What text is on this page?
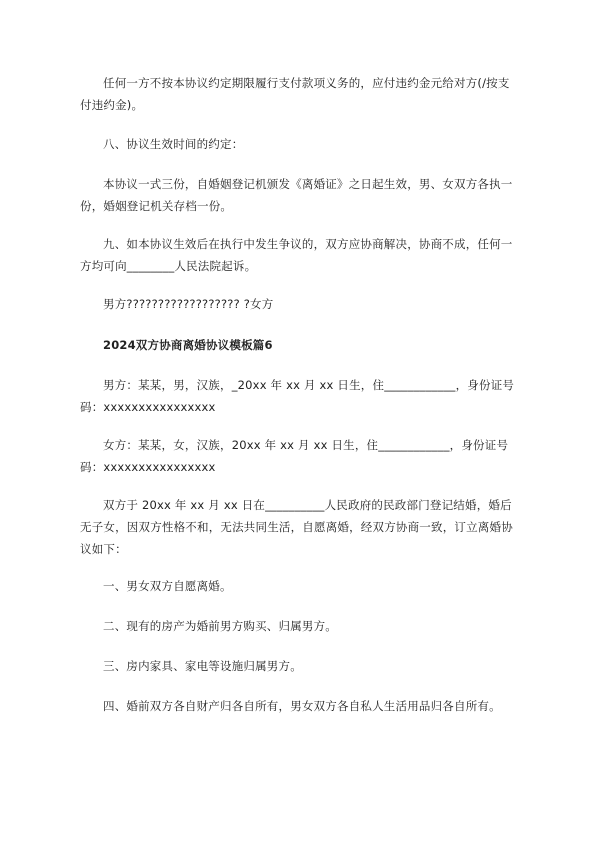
任何一方不按本协议约定期限履行支付款项义务的，应付违约金元给对方(/按支付违约金)。
八、协议生效时间的约定：
本协议一式三份，自婚姻登记机颁发《离婚证》之日起生效，男、女双方各执一份，婚姻登记机关存档一份。
九、如本协议生效后在执行中发生争议的，双方应协商解决，协商不成，任何一方均可向________人民法院起诉。
男方?????????????????? ?女方
2024双方协商离婚协议模板篇6
男方：某某，男，汉族，_20xx 年 xx 月 xx 日生，住____________，身份证号码：xxxxxxxxxxxxxxxx
女方：某某，女，汉族，20xx 年 xx 月 xx 日生，住____________，身份证号码：xxxxxxxxxxxxxxxx
双方于 20xx 年 xx 月 xx 日在__________人民政府的民政部门登记结婚，婚后无子女，因双方性格不和，无法共同生活，自愿离婚，经双方协商一致，订立离婚协议如下：
一、男女双方自愿离婚。
二、现有的房产为婚前男方购买、归属男方。
三、房内家具、家电等设施归属男方。
四、婚前双方各自财产归各自所有，男女双方各自私人生活用品归各自所有。
